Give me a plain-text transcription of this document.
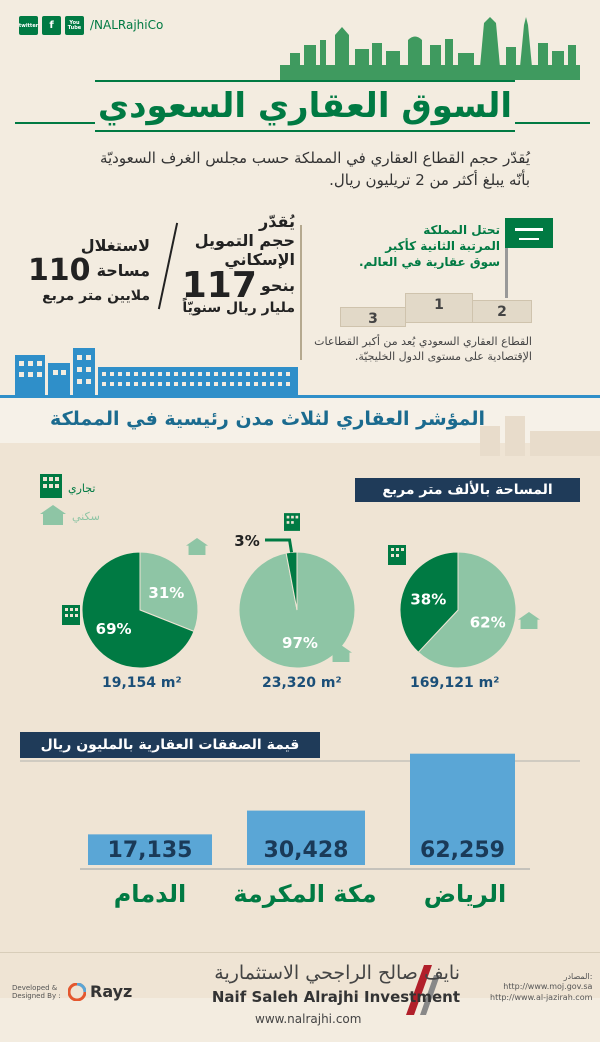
twitter f	You Tube /NALRajhiCo
السوق العقاري السعودي
يُقدّر حجم القطاع العقاري في المملكة حسب مجلس الغرف السعوديّة
بأنّه يبلغ أكثر من 2 تريليون ريال.
لاستغلال
مساحة
110
ملايين متر مربع
يُقدّر
حجم التمويل
الإسكاني
بنحو
117
مليار ريال سنويّاً
تحتل المملكة
المرتبة الثانية كأكبر
سوق عقارية في العالم.
1	2
3
القطاع العقاري السعودي يُعد من أكبر القطاعات
الإقتصادية على مستوى الدول الخليجيّة.
المؤشر العقاري لثلاث مدن رئيسية في المملكة
المساحة بالألف متر مربع
تجاري
سكني
31%
69%
97%
3%
62%
38%
19,154 m²	23,320 m²	169,121 m²
قيمة الصفقات العقارية بالمليون ريال
17,135	30,428	62,259
الدمام	مكة المكرمة	الرياض
المصادر:
http://www.moj.gov.sa
http://www.al-jazirah.com
نايف صالح الراجحي الاستثمارية
Naif Saleh Alrajhi Investment
www.nalrajhi.com
Developed & Designed By :	Rayz
